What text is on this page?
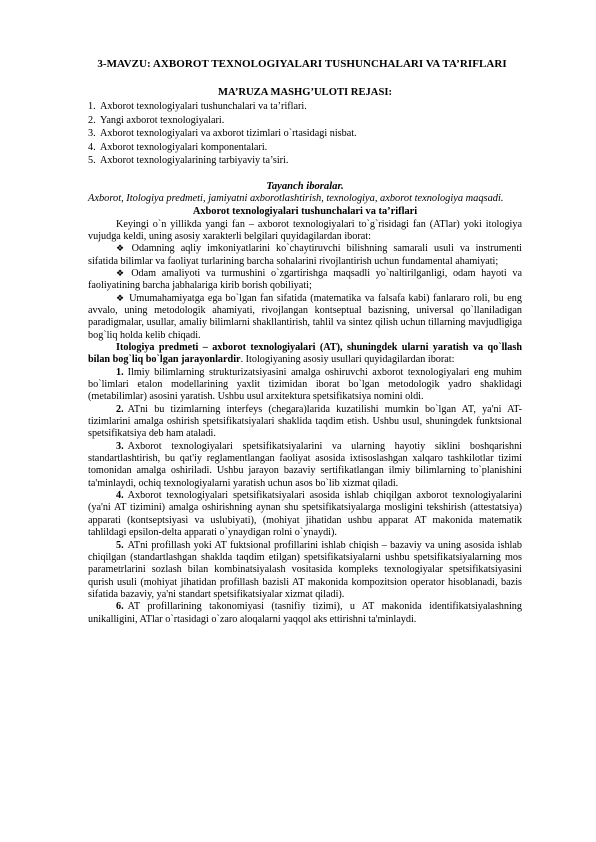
3-MAVZU: AXBOROT TEXNOLOGIYALARI TUSHUNCHALARI VA TA’RIFLARI
MA’RUZA MASHG’ULOTI REJASI:
1. Axborot texnologiyalari tushunchalari va ta’riflari.
2. Yangi axborot texnologiyalari.
3. Axborot texnologiyalari va axborot tizimlari o`rtasidagi nisbat.
4. Axborot texnologiyalari komponentalari.
5. Axborot texnologiyalarining tarbiyaviy ta’siri.
Tayanch iboralar.

Axborot, Itologiya predmeti, jamiyatni axborotlashtirish, texnologiya, axborot texnologiya maqsadi.

Axborot texnologiyalari tushunchalari va ta’riflari

Keyingi o`n yillikda yangi fan – axborot texnologiyalari to`g`risidagi fan (ATlar) yoki itologiya vujudga keldi, uning asosiy xarakterli belgilari quyidagilardan iborat:

❖ Odamning aqliy imkoniyatlarini ko`chaytiruvchi bilishning samarali usuli va instrumenti sifatida bilimlar va faoliyat turlarining barcha sohalarini rivojlantirish uchun fundamental ahamiyati;

❖ Odam amaliyoti va turmushini o`zgartirishga maqsadli yo`naltirilganligi, odam hayoti va faoliyatining barcha jabhalariga kirib borish qobiliyati;

❖ Umumahamiyatga ega bo`lgan fan sifatida (matematika va falsafa kabi) fanlararo roli, bu eng avvalo, uning metodologik ahamiyati, rivojlangan kontseptual bazisning, universal qo`llaniladigan paradigmalar, usullar, amaliy bilimlarni shakllantirish, tahlil va sintez qilish uchun tillarning mavjudligiga bog`liq holda kelib chiqadi.

Itologiya predmeti – axborot texnologiyalari (AT), shuningdek ularni yaratish va qo`llash bilan bog`liq bo`lgan jarayonlardir. Itologiyaning asosiy usullari quyidagilardan iborat:

1. Ilmiy bilimlarning strukturizatsiyasini amalga oshiruvchi axborot texnologiyalari eng muhim bo`limlari etalon modellarining yaxlit tizimidan iborat bo`lgan metodologik yadro shaklidagi (metabilimlar) asosini yaratish. Ushbu usul arxitektura spetsifikatsiya nomini oldi.

2. ATni bu tizimlarning interfeys (chegara)larida kuzatilishi mumkin bo`lgan AT, ya'ni AT-tizimlarini amalga oshirish spetsifikatsiyalari shaklida taqdim etish. Ushbu usul, shuningdek funktsional spetsifikatsiya deb ham ataladi.

3. Axborot texnologiyalari spetsifikatsiyalarini va ularning hayotiy siklini boshqarishni standartlashtirish, bu qat'iy reglamentlangan faoliyat asosida ixtisoslashgan xalqaro tashkilotlar tizimi tomonidan amalga oshiriladi. Ushbu jarayon bazaviy sertifikatlangan ilmiy bilimlarning to`planishini ta'minlaydi, ochiq texnologiyalarni yaratish uchun asos bo`lib xizmat qiladi.

4. Axborot texnologiyalari spetsifikatsiyalari asosida ishlab chiqilgan axborot texnologiyalarini (ya'ni AT tizimini) amalga oshirishning aynan shu spetsifikatsiyalarga mosligini tekshirish (attestatsiya) apparati (kontseptsiyasi va uslubiyati), (mohiyat jihatidan ushbu apparat AT makonida matematik tahlildagi epsilon-delta apparati o`ynaydigan rolni o`ynaydi).

5. ATni profillash yoki AT fuktsional profillarini ishlab chiqish – bazaviy va uning asosida ishlab chiqilgan (standartlashgan shaklda taqdim etilgan) spetsifikatsiyalarni ushbu spetsifikatsiyalarning mos parametrlarini sozlash bilan kombinatsiyalash vositasida kompleks texnologiyalar spetsifikatsiyasini qurish usuli (mohiyat jihatidan profillash bazisli AT makonida kompozitsion operator hisoblanadi, bazis sifatida bazaviy, ya'ni standart spetsifikatsiyalar xizmat qiladi).

6. AT profillarining takonomiyasi (tasnifiy tizimi), u AT makonida identifikatsiyalashning unikalligini, ATlar o`rtasidagi o`zaro aloqalarni yaqqol aks ettirishni ta'minlaydi.
